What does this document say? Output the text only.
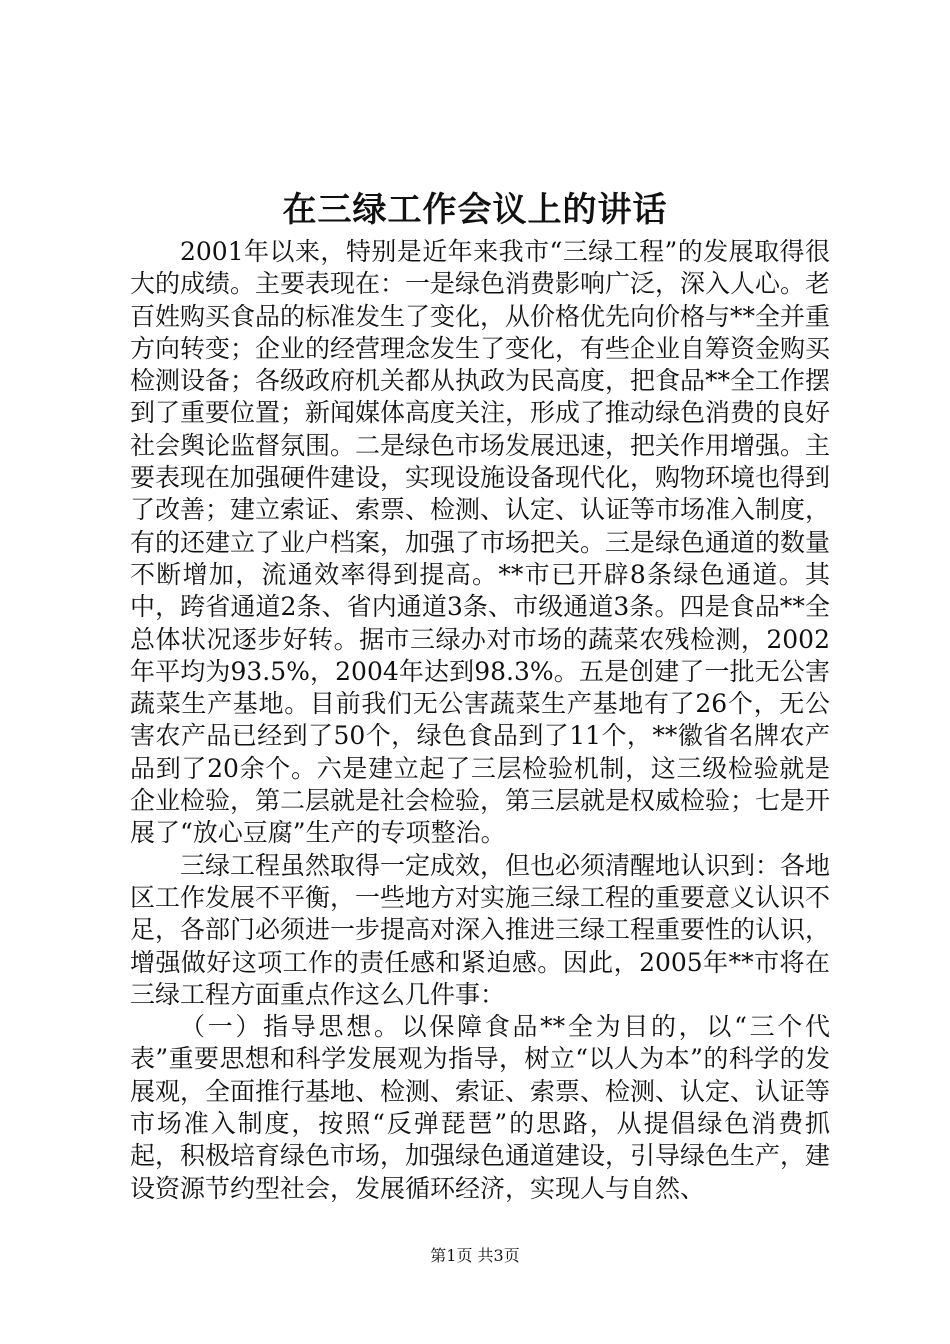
在三绿工作会议上的讲话

2001年以来，特别是近年来我市“三绿工程”的发展取得很大的成绩。主要表现在：一是绿色消费影响广泛，深入人心。老百姓购买食品的标准发生了变化，从价格优先向价格与**全并重方向转变；企业的经营理念发生了变化，有些企业自筹资金购买检测设备；各级政府机关都从执政为民高度，把食品**全工作摆到了重要位置；新闻媒体高度关注，形成了推动绿色消费的良好社会舆论监督氛围。二是绿色市场发展迅速，把关作用增强。主要表现在加强硬件建设，实现设施设备现代化，购物环境也得到了改善；建立索证、索票、检测、认定、认证等市场准入制度，有的还建立了业户档案，加强了市场把关。三是绿色通道的数量不断增加，流通效率得到提高。**市已开辟8条绿色通道。其中，跨省通道2条、省内通道3条、市级通道3条。四是食品**全总体状况逐步好转。据市三绿办对市场的蔬菜农残检测，2002年平均为93.5%，2004年达到98.3%。五是创建了一批无公害蔬菜生产基地。目前我们无公害蔬菜生产基地有了26个，无公害农产品已经到了50个，绿色食品到了11个，**徽省名牌农产品到了20余个。六是建立起了三层检验机制，这三级检验就是企业检验，第二层就是社会检验，第三层就是权威检验；七是开展了“放心豆腐”生产的专项整治。

三绿工程虽然取得一定成效，但也必须清醒地认识到：各地区工作发展不平衡，一些地方对实施三绿工程的重要意义认识不足，各部门必须进一步提高对深入推进三绿工程重要性的认识，增强做好这项工作的责任感和紧迫感。因此，2005年**市将在三绿工程方面重点作这么几件事：

（一）指导思想。以保障食品**全为目的，以“三个代表”重要思想和科学发展观为指导，树立“以人为本”的科学的发展观，全面推行基地、检测、索证、索票、检测、认定、认证等市场准入制度，按照“反弹琵琶”的思路，从提倡绿色消费抓起，积极培育绿色市场，加强绿色通道建设，引导绿色生产，建设资源节约型社会，发展循环经济，实现人与自然、

第1页 共3页
